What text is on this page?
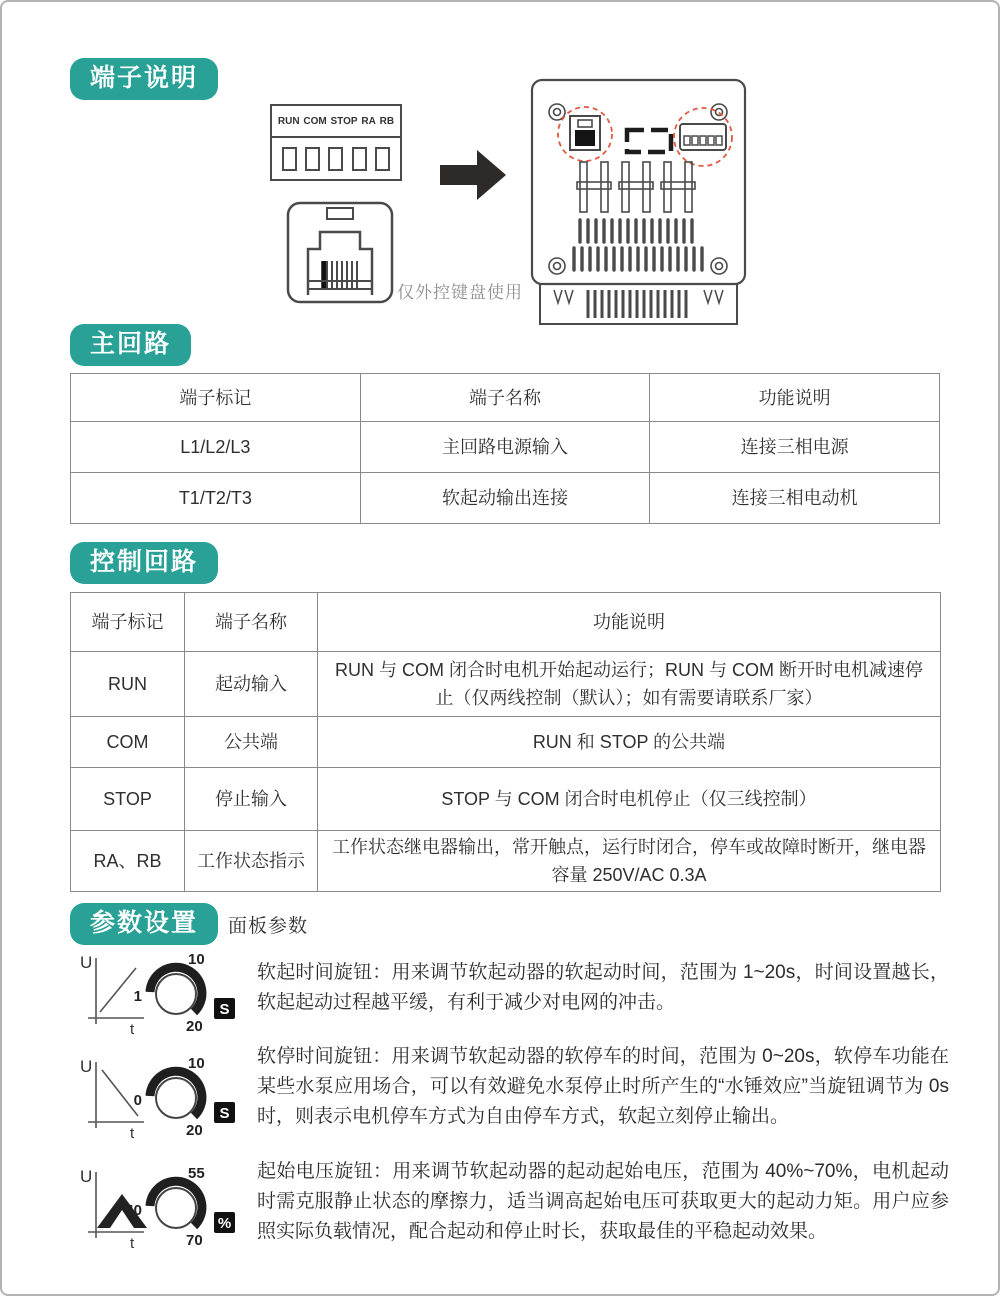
端子说明
RUN COM STOP RA RB
仅外控键盘使用
主回路
端子标记	端子名称	功能说明
L1/L2/L3	主回路电源输入	连接三相电源
T1/T2/T3	软起动输出连接	连接三相电动机
控制回路
端子标记	端子名称	功能说明
RUN	起动输入	RUN 与 COM 闭合时电机开始起动运行；RUN 与 COM 断开时电机减速停止（仅两线控制（默认）；如有需要请联系厂家）
COM	公共端	RUN 和 STOP 的公共端
STOP	停止输入	STOP 与 COM 闭合时电机停止（仅三线控制）
RA、RB	工作状态指示	工作状态继电器输出，常开触点，运行时闭合，停车或故障时断开，继电器容量 250V/AC 0.3A
参数设置	面板参数
U
t
1
10
20
S
软起时间旋钮：用来调节软起动器的软起动时间，范围为 1~20s，时间设置越长，软起起动过程越平缓，有利于减少对电网的冲击。
U
t
0
10
20
S
软停时间旋钮：用来调节软起动器的软停车的时间，范围为 0~20s，软停车功能在某些水泵应用场合，可以有效避免水泵停止时所产生的“水锤效应”当旋钮调节为 0s 时，则表示电机停车方式为自由停车方式，软起立刻停止输出。
U
t
40
55
70
%
起始电压旋钮：用来调节软起动器的起动起始电压，范围为 40%~70%，电机起动时需克服静止状态的摩擦力，适当调高起始电压可获取更大的起动力矩。用户应参照实际负载情况，配合起动和停止时长，获取最佳的平稳起动效果。
